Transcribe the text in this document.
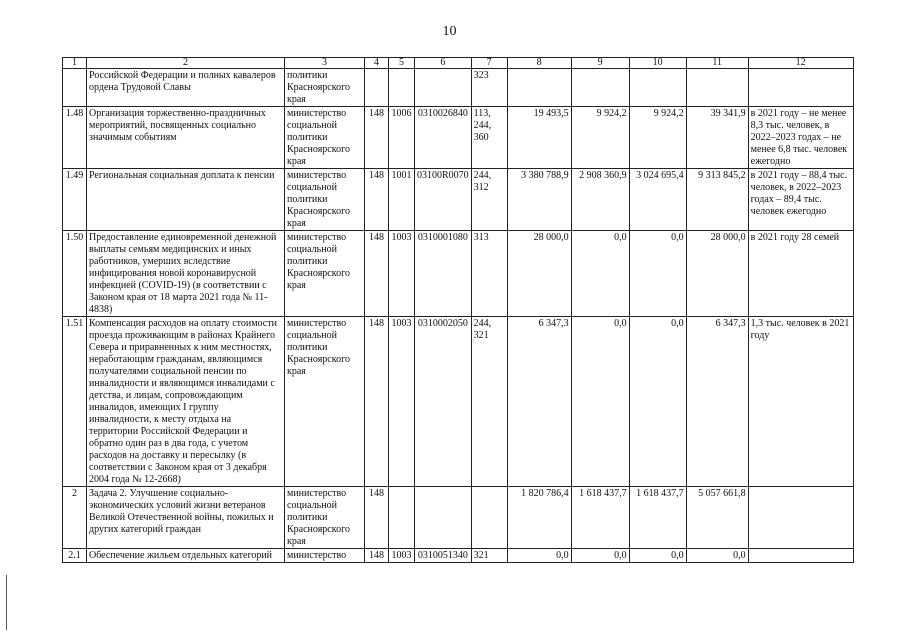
10
1	2	3	4	5	6	7	8	9	10	11	12
	Российской Федерации и полных кавалеров ордена Трудовой Славы	политики Красноярского края				323					
1.48	Организация торжественно-праздничных мероприятий, посвященных социально значимым событиям	министерство социальной политики Красноярского края	148	1006	0310026840	113, 244, 360	19 493,5	9 924,2	9 924,2	39 341,9	в 2021 году – не менее 8,3 тыс. человек, в 2022–2023 годах – не менее 6,8 тыс. человек ежегодно
1.49	Региональная социальная доплата к пенсии	министерство социальной политики Красноярского края	148	1001	03100R0070	244, 312	3 380 788,9	2 908 360,9	3 024 695,4	9 313 845,2	в 2021 году – 88,4 тыс. человек, в 2022–2023 годах – 89,4 тыс. человек ежегодно
1.50	Предоставление единовременной денежной выплаты семьям медицинских и иных работников, умерших вследствие инфицирования новой коронавирусной инфекцией (COVID-19) (в соответствии с Законом края от 18 марта 2021 года № 11-4838)	министерство социальной политики Красноярского края	148	1003	0310001080	313	28 000,0	0,0	0,0	28 000,0	в 2021 году 28 семей
1.51	Компенсация расходов на оплату стоимости проезда проживающим в районах Крайнего Севера и приравненных к ним местностях, неработающим гражданам, являющимся получателями социальной пенсии по инвалидности и являющимся инвалидами с детства, и лицам, сопровождающим инвалидов, имеющих I группу инвалидности, к месту отдыха на территории Российской Федерации и обратно один раз в два года, с учетом расходов на доставку и пересылку (в соответствии с Законом края от 3 декабря 2004 года № 12-2668)	министерство социальной политики Красноярского края	148	1003	0310002050	244, 321	6 347,3	0,0	0,0	6 347,3	1,3 тыс. человек в 2021 году
2	Задача 2. Улучшение социально-экономических условий жизни ветеранов Великой Отечественной войны, пожилых и других категорий граждан	министерство социальной политики Красноярского края	148				1 820 786,4	1 618 437,7	1 618 437,7	5 057 661,8	
2.1	Обеспечение жильем отдельных категорий	министерство	148	1003	0310051340	321	0,0	0,0	0,0	0,0	
